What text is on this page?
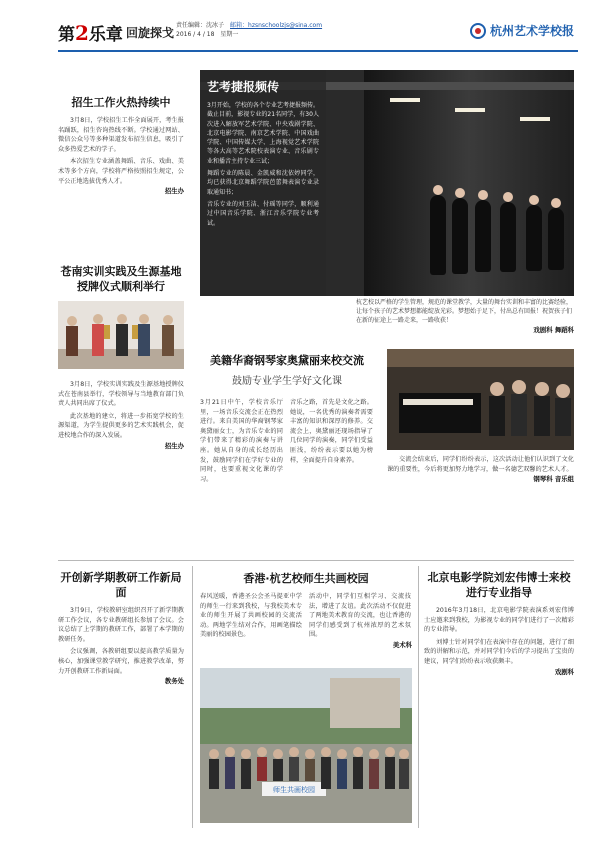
第2乐章 回旋探戈
责任编辑：沈冰子 邮箱：hzsnschoolzjs@sina.com
2016 / 4 / 18 星期一	杭州艺术学校报
招生工作火热持续中
3月8日，学校招生工作全面展开，考生报名踊跃，招生咨询热线不断。学校通过网站、微信公众号等多种渠道发布招生信息，吸引了众多热爱艺术的学子。
本次招生专业涵盖舞蹈、音乐、戏曲、美术等多个方向，学校将严格按照招生规定，公平公正地选拔优秀人才。
招生办
艺考捷报频传
3月开始，学校的各个专业艺考捷报频传。截止目前，影视专业的21名同学，有30人次进入解放军艺术学院、中央戏剧学院、北京电影学院、南京艺术学院、中国戏曲学院、中国传媒大学、上海视觉艺术学院等各大高等艺术院校表演专业、音乐剧专业和播音主持专业三试；
舞蹈专业的陈晨、金凯威和沈依婷同学，均已获得北京舞蹈学院芭蕾舞表演专业录取通知书；
音乐专业的刘玉洁、付瑶等同学，顺利通过中国音乐学院、浙江音乐学院专业考试。
杭艺校以严格的学生管理，规范的课堂教学，大量的舞台实训和丰富的比赛经验，让每个孩子的艺术梦想都能绽放光彩。梦想始于足下，付出总有回报！祝贺孩子们在新的征途上一路走来，一路收获！
戏剧科 舞蹈科
苍南实训实践及生源基地授牌仪式顺利举行
3月8日，学校实训实践及生源基地授牌仪式在苍南县举行，学校领导与当地教育部门负责人共同出席了仪式。
此次基地的建立，将进一步拓宽学校的生源渠道，为学生提供更多的艺术实践机会，促进校地合作的深入发展。
招生办
美籍华裔钢琴家奥黛丽来校交流
鼓励专业学生学好文化课
3月21日中午，学校音乐厅里，一场音乐交流会正在热烈进行。来自美国的华裔钢琴家奥黛丽女士，为音乐专业的同学们带来了精彩的演奏与讲座。她从自身的成长经历出发，鼓励同学们在学好专业的同时，也要重视文化课的学习。
音乐之路，首先是文化之路。她说，一名优秀的演奏者需要丰富的知识和深厚的修养。交流会上，奥黛丽还现场指导了几位同学的演奏，同学们受益匪浅，纷纷表示要以她为榜样，全面提升自身素养。	交流会结束后，同学们纷纷表示，这次活动让他们认识到了文化课的重要性，今后将更加努力地学习，做一名德艺双馨的艺术人才。
钢琴科 音乐组
开创新学期教研工作新局面
3月9日，学校教研室组织召开了新学期教研工作会议，各专业教研组长参加了会议。会议总结了上学期的教研工作，部署了本学期的教研任务。
会议强调，各教研组要以提高教学质量为核心，加强课堂教学研究，推进教学改革，努力开创教研工作新局面。
教务处
香港·杭艺校师生共画校园
春风送暖，香港圣公会圣马提亚中学的师生一行来到我校，与我校美术专业的师生开展了共画校园的交流活动。两地学生结对合作，用画笔描绘美丽的校园景色。
活动中，同学们互相学习、交流技法，增进了友谊。此次活动不仅促进了两地美术教育的交流，也让香港的同学们感受到了杭州浓厚的艺术氛围。
美术科
师生共画校园
北京电影学院刘宏伟博士来校进行专业指导
2016年3月18日，北京电影学院表演系刘宏伟博士应邀来到我校，为影视专业的同学们进行了一次精彩的专业指导。
刘博士针对同学们在表演中存在的问题，进行了细致的讲解和示范，并对同学们今后的学习提出了宝贵的建议，同学们纷纷表示收获颇丰。
戏剧科
